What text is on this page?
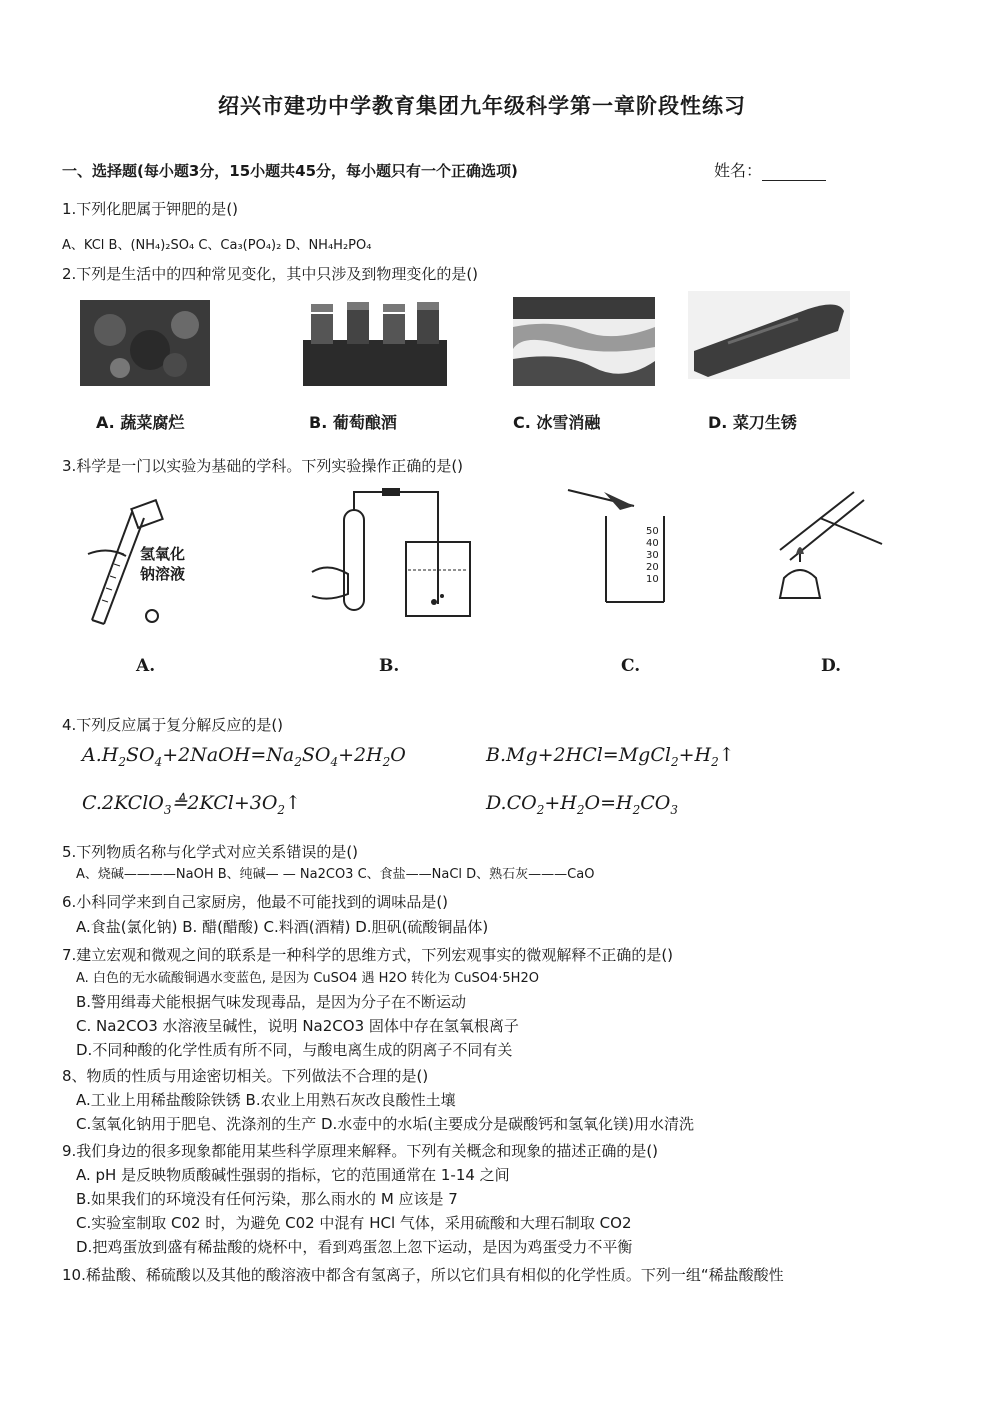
绍兴市建功中学教育集团九年级科学第一章阶段性练习
一、选择题(每小题3分，15小题共45分，每小题只有一个正确选项)	姓名：
1.下列化肥属于钾肥的是()
A、KCl B、(NH₄)₂SO₄ C、Ca₃(PO₄)₂ D、NH₄H₂PO₄
2.下列是生活中的四种常见变化，其中只涉及到物理变化的是()
A. 蔬菜腐烂	B. 葡萄酿酒	C. 冰雪消融	D. 菜刀生锈
3.科学是一门以实验为基础的学科。下列实验操作正确的是()
氢氧化
钠溶液
50
40
30
20
10
A.	B.	C.	D.
4.下列反应属于复分解反应的是()
$A.H_2SO_4+2NaOH=Na_2SO_4+2H_2O$	$B.Mg+2HCl=MgCl_2+H_2↑$
$C.2KClO_3≜2KCl+3O_2↑$	$D.CO_2+H_2O=H_2CO_3$
5.下列物质名称与化学式对应关系错误的是()
A、烧碱————NaOH B、纯碱— — Na2CO3 C、食盐——NaCl D、熟石灰———CaO
6.小科同学来到自己家厨房，他最不可能找到的调味品是()
A.食盐(氯化钠) B. 醋(醋酸) C.料酒(酒精) D.胆矾(硫酸铜晶体)
7.建立宏观和微观之间的联系是一种科学的思维方式，下列宏观事实的微观解释不正确的是()
A. 白色的无水硫酸铜遇水变蓝色, 是因为 CuSO4 遇 H2O 转化为 CuSO4·5H2O
B.警用缉毒犬能根据气味发现毒品，是因为分子在不断运动
C. Na2CO3 水溶液呈碱性，说明 Na2CO3 固体中存在氢氧根离子
D.不同种酸的化学性质有所不同，与酸电离生成的阴离子不同有关
8、物质的性质与用途密切相关。下列做法不合理的是()
A.工业上用稀盐酸除铁锈 B.农业上用熟石灰改良酸性土壤
C.氢氧化钠用于肥皂、洗涤剂的生产 D.水壶中的水垢(主要成分是碳酸钙和氢氧化镁)用水清洗
9.我们身边的很多现象都能用某些科学原理来解释。下列有关概念和现象的描述正确的是()
A. pH 是反映物质酸碱性强弱的指标，它的范围通常在 1-14 之间
B.如果我们的环境没有任何污染，那么雨水的 M 应该是 7
C.实验室制取 C02 时，为避免 C02 中混有 HCl 气体，采用硫酸和大理石制取 CO2
D.把鸡蛋放到盛有稀盐酸的烧杯中，看到鸡蛋忽上忽下运动，是因为鸡蛋受力不平衡
10.稀盐酸、稀硫酸以及其他的酸溶液中都含有氢离子，所以它们具有相似的化学性质。下列一组“稀盐酸酸性
